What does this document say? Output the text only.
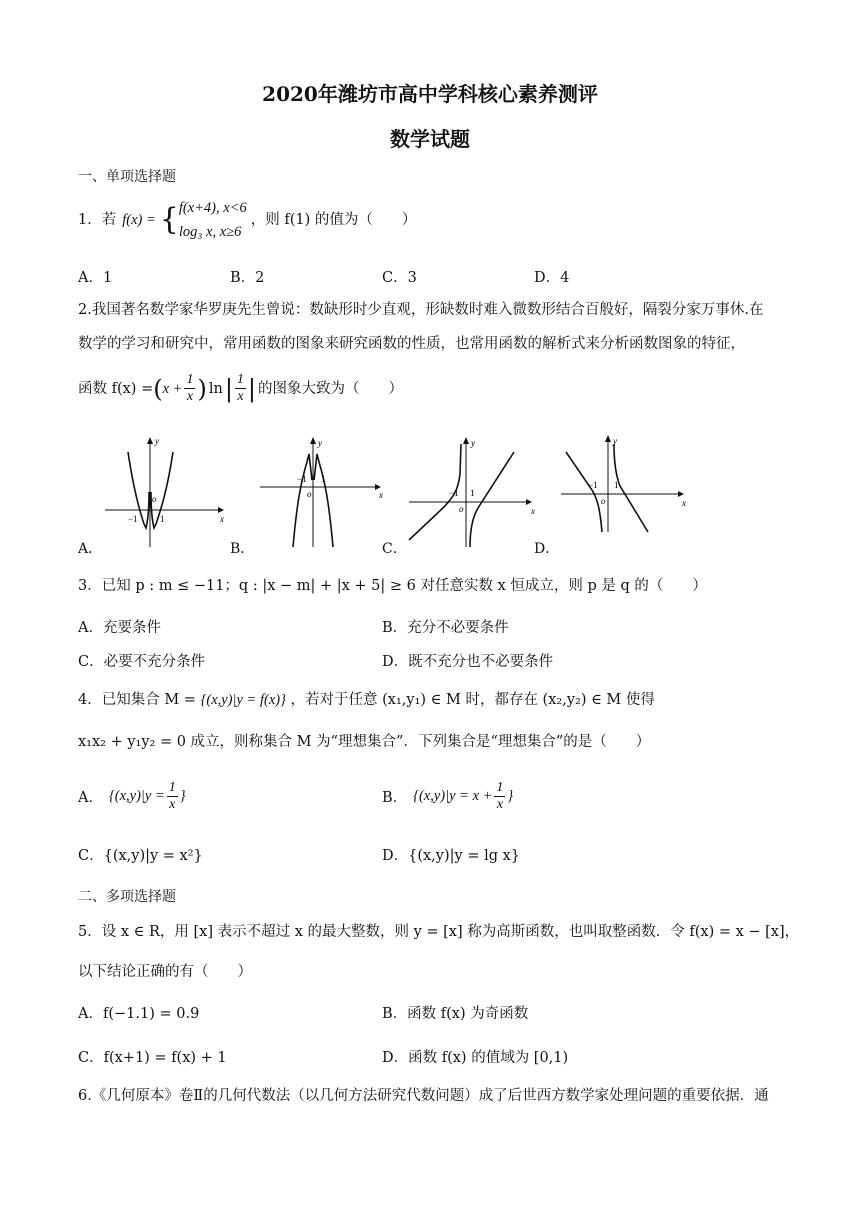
2020年潍坊市高中学科核心素养测评
数学试题
一、单项选择题
1．若 f(x) = { f(x+4), x<6
log₃ x, x≥6
，则 f(1) 的值为（　　）
A．1	B．2	C．3	D．4
2.我国著名数学家华罗庚先生曾说：数缺形时少直观，形缺数时难入微数形结合百般好，隔裂分家万事休.在
数学的学习和研究中，常用函数的图象来研究函数的性质，也常用函数的解析式来分析函数图象的特征，
函数 f(x) = ( $x + \frac{1}{x}$ ) ln | $\frac{1}{x}$ | 的图象大致为（　　）
A．
y
x
o
−1 1
B．
y
x
o
−1 1
C．
y
x
o
−1 1
D．
y
x
o
−1 1
3．已知 p : m ≤ −11；q : |x − m| + |x + 5| ≥ 6 对任意实数 x 恒成立，则 p 是 q 的（　　）
A．充要条件	B．充分不必要条件
C．必要不充分条件	D．既不充分也不必要条件
4．已知集合 M = {(x,y)|y = f(x)} ，若对于任意 (x₁,y₁) ∈ M 时，都存在 (x₂,y₂) ∈ M 使得
x₁x₂ + y₁y₂ = 0 成立，则称集合 M 为“理想集合”．下列集合是“理想集合”的是（　　）
A． {$(x,y)|y = \frac{1}{x}$ }	B． {$(x,y)|y = x + \frac{1}{x}$ }
C．{(x,y)|y = x²}	D．{(x,y)|y = lg x}
二、多项选择题
5．设 x ∈ R，用 [x] 表示不超过 x 的最大整数，则 y = [x] 称为高斯函数，也叫取整函数．令 f(x) = x − [x]，
以下结论正确的有（　　）
A．f(−1.1) = 0.9	B．函数 f(x) 为奇函数
C．f(x+1) = f(x) + 1	D．函数 f(x) 的值域为 [0,1)
6.《几何原本》卷Ⅱ的几何代数法（以几何方法研究代数问题）成了后世西方数学家处理问题的重要依据．通
